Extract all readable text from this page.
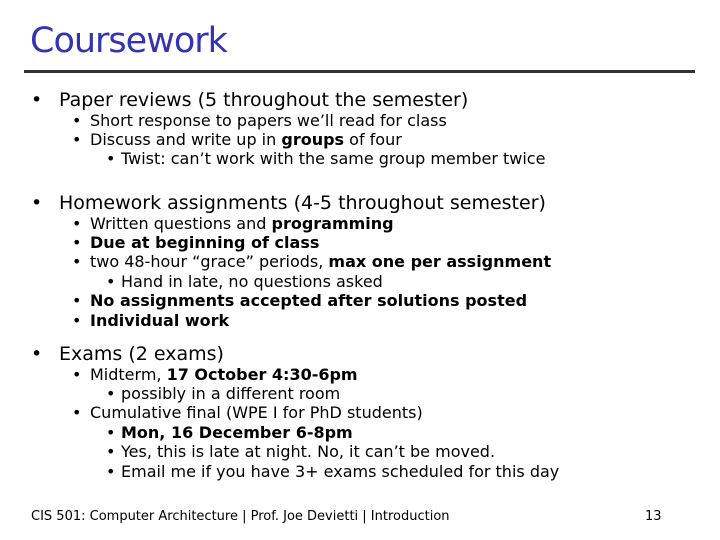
Coursework
• Paper reviews (5 throughout the semester)
• Short response to papers we’ll read for class
• Discuss and write up in groups of four
• Twist: can’t work with the same group member twice
• Homework assignments (4-5 throughout semester)
• Written questions and programming
• Due at beginning of class
• two 48-hour “grace” periods, max one per assignment
• Hand in late, no questions asked
• No assignments accepted after solutions posted
• Individual work
• Exams (2 exams)
• Midterm, 17 October 4:30-6pm
• possibly in a different room
• Cumulative final (WPE I for PhD students)
• Mon, 16 December 6-8pm
• Yes, this is late at night. No, it can’t be moved.
• Email me if you have 3+ exams scheduled for this day
CIS 501: Computer Architecture | Prof. Joe Devietti | Introduction	13
